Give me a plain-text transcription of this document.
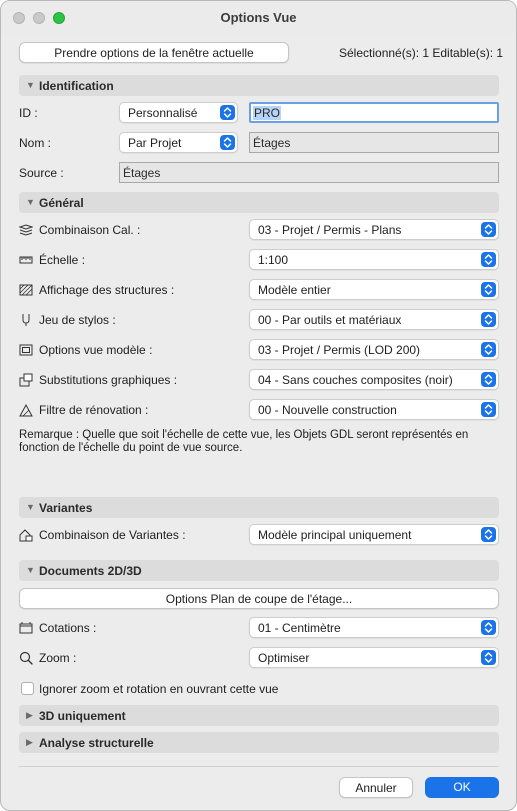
Options Vue
Prendre options de la fenêtre actuelle	Sélectionné(s): 1 Editable(s): 1
▼ Identification
ID :	Personnalisé	PRO
Nom :	Par Projet	Étages
Source :	Étages
▼ Général
Combinaison Cal. :	03 - Projet / Permis - Plans
Échelle :	1:100
Affichage des structures :	Modèle entier
Jeu de stylos :	00 - Par outils et matériaux
Options vue modèle :	03 - Projet / Permis (LOD 200)
Substitutions graphiques :	04 - Sans couches composites (noir)
Filtre de rénovation :	00 - Nouvelle construction
Remarque : Quelle que soit l'échelle de cette vue, les Objets GDL seront représentés en fonction de l'échelle du point de vue source.
▼ Variantes
Combinaison de Variantes :	Modèle principal uniquement
▼ Documents 2D/3D
Options Plan de coupe de l'étage...
Cotations :	01 - Centimètre
Zoom :	Optimiser
Ignorer zoom et rotation en ouvrant cette vue
▶ 3D uniquement
▶ Analyse structurelle
Annuler	OK
